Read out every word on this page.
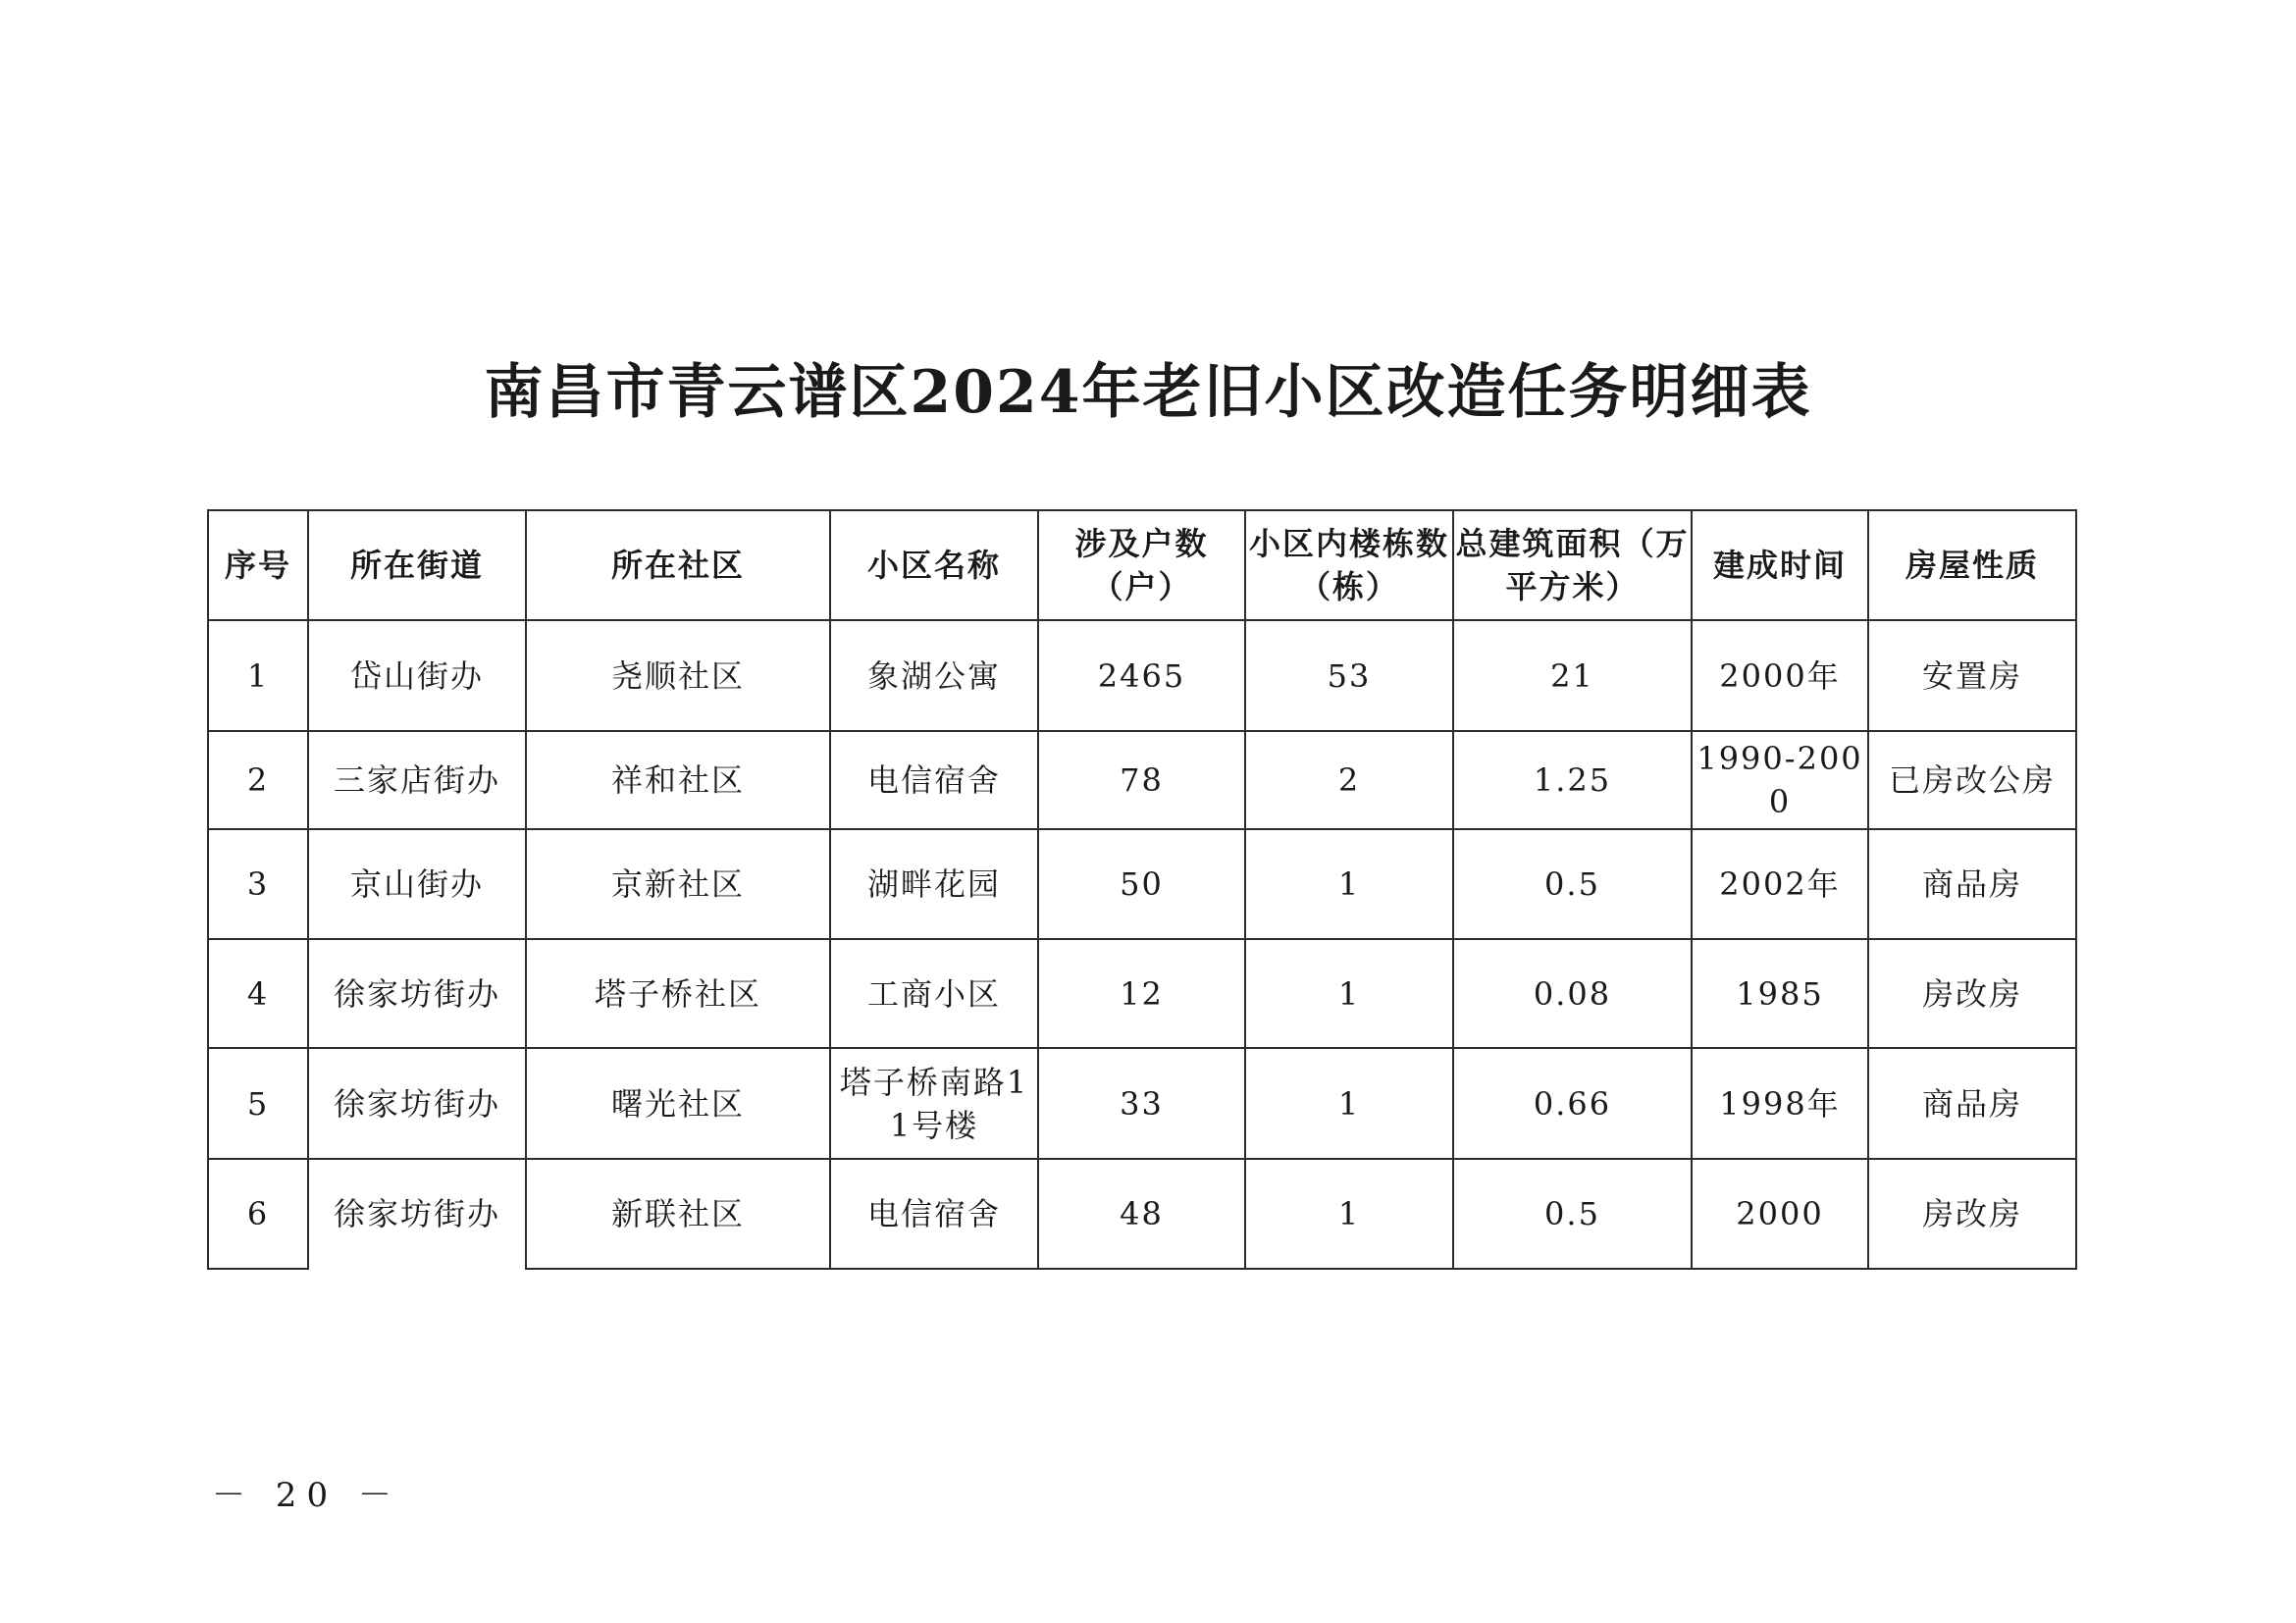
南昌市青云谱区2024年老旧小区改造任务明细表
序号	所在街道	所在社区	小区名称	涉及户数（户）	小区内楼栋数（栋）	总建筑面积（万平方米）	建成时间	房屋性质
1	岱山街办	尧顺社区	象湖公寓	2465	53	21	2000年	安置房
2	三家店街办	祥和社区	电信宿舍	78	2	1.25	1990-2000	已房改公房
3	京山街办	京新社区	湖畔花园	50	1	0.5	2002年	商品房
4	徐家坊街办	塔子桥社区	工商小区	12	1	0.08	1985	房改房
5	徐家坊街办	曙光社区	塔子桥南路11号楼	33	1	0.66	1998年	商品房
6	徐家坊街办	新联社区	电信宿舍	48	1	0.5	2000	房改房
－ 20 －
